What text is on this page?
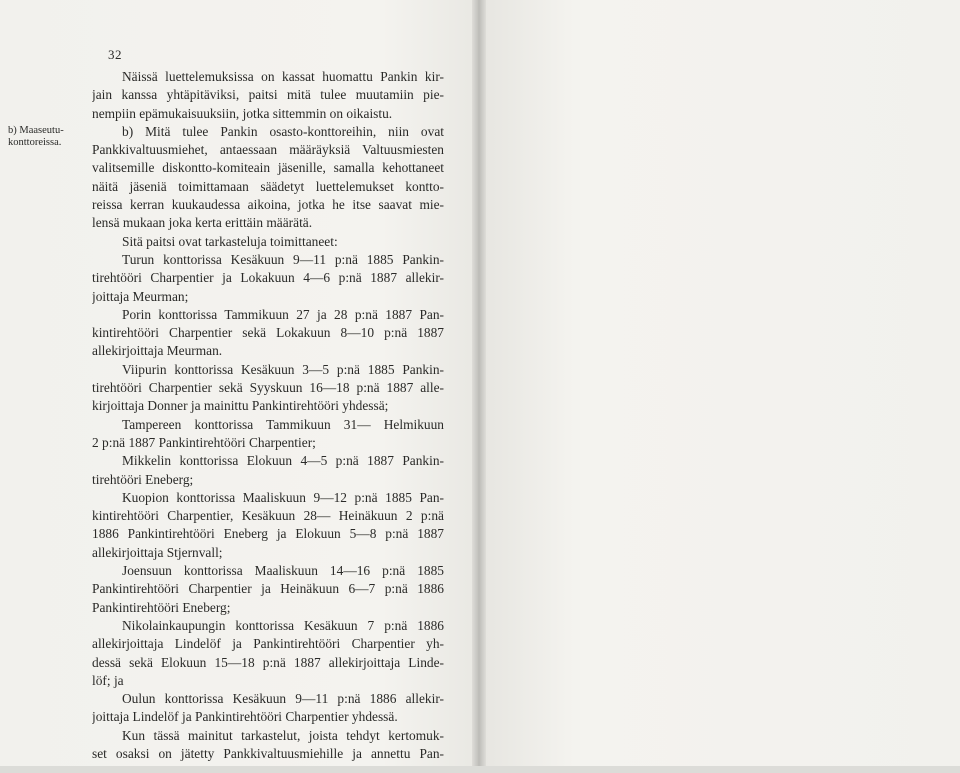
32
b) Maaseutu-
konttoreissa.
Näissä luettelemuksissa on kassat huomattu Pankin kir-
jain kanssa yhtäpitäviksi, paitsi mitä tulee muutamiin pie-
nempiin epämukaisuuksiin, jotka sittemmin on oikaistu.
b) Mitä tulee Pankin osasto-konttoreihin, niin ovat
Pankkivaltuusmiehet, antaessaan määräyksiä Valtuusmiesten
valitsemille diskontto-komiteain jäsenille, samalla kehottaneet
näitä jäseniä toimittamaan säädetyt luettelemukset kontto-
reissa kerran kuukaudessa aikoina, jotka he itse saavat mie-
lensä mukaan joka kerta erittäin määrätä.
Sitä paitsi ovat tarkasteluja toimittaneet:
Turun konttorissa Kesäkuun 9—11 p:nä 1885 Pankin-
tirehtööri Charpentier ja Lokakuun 4—6 p:nä 1887 allekir-
joittaja Meurman;
Porin konttorissa Tammikuun 27 ja 28 p:nä 1887 Pan-
kintirehtööri Charpentier sekä Lokakuun 8—10 p:nä 1887
allekirjoittaja Meurman.
Viipurin konttorissa Kesäkuun 3—5 p:nä 1885 Pankin-
tirehtööri Charpentier sekä Syyskuun 16—18 p:nä 1887 alle-
kirjoittaja Donner ja mainittu Pankintirehtööri yhdessä;
Tampereen konttorissa Tammikuun 31— Helmikuun
2 p:nä 1887 Pankintirehtööri Charpentier;
Mikkelin konttorissa Elokuun 4—5 p:nä 1887 Pankin-
tirehtööri Eneberg;
Kuopion konttorissa Maaliskuun 9—12 p:nä 1885 Pan-
kintirehtööri Charpentier, Kesäkuun 28— Heinäkuun 2 p:nä
1886 Pankintirehtööri Eneberg ja Elokuun 5—8 p:nä 1887
allekirjoittaja Stjernvall;
Joensuun konttorissa Maaliskuun 14—16 p:nä 1885
Pankintirehtööri Charpentier ja Heinäkuun 6—7 p:nä 1886
Pankintirehtööri Eneberg;
Nikolainkaupungin konttorissa Kesäkuun 7 p:nä 1886
allekirjoittaja Lindelöf ja Pankintirehtööri Charpentier yh-
dessä sekä Elokuun 15—18 p:nä 1887 allekirjoittaja Linde-
löf; ja
Oulun konttorissa Kesäkuun 9—11 p:nä 1886 allekir-
joittaja Lindelöf ja Pankintirehtööri Charpentier yhdessä.
Kun tässä mainitut tarkastelut, joista tehdyt kertomuk-
set osaksi on jätetty Pankkivaltuusmiehille ja annettu Pan-
